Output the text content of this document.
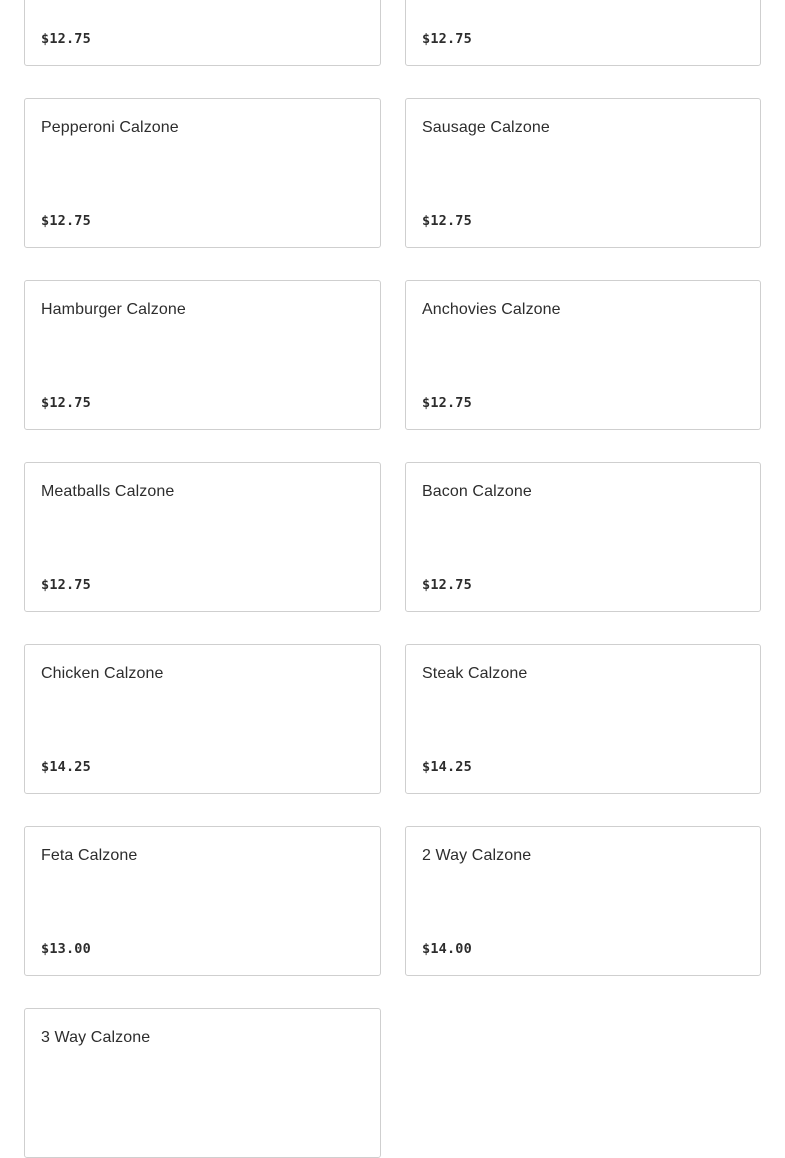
$12.75	$12.75
Pepperoni Calzone
$12.75
Sausage Calzone
$12.75
Hamburger Calzone
$12.75
Anchovies Calzone
$12.75
Meatballs Calzone
$12.75
Bacon Calzone
$12.75
Chicken Calzone
$14.25
Steak Calzone
$14.25
Feta Calzone
$13.00
2 Way Calzone
$14.00
3 Way Calzone
